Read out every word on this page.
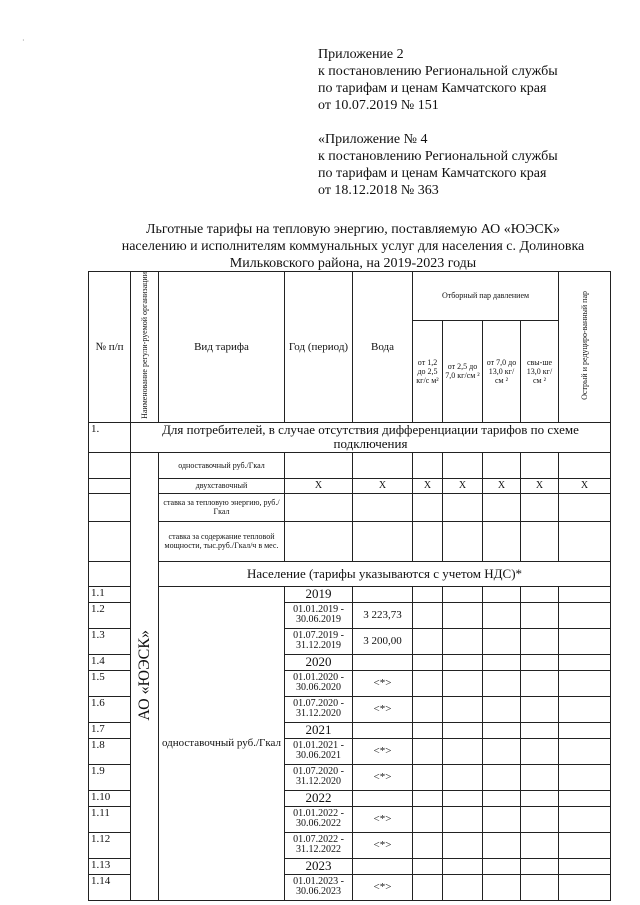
·
Приложение 2
к постановлению Региональной службы
по тарифам и ценам Камчатского края
от 10.07.2019 № 151
«Приложение № 4
к постановлению Региональной службы
по тарифам и ценам Камчатского края
от 18.12.2018 № 363
Льготные тарифы на тепловую энергию, поставляемую АО «ЮЭСК»
населению и исполнителям коммунальных услуг для населения с. Долиновка
Мильковского района, на 2019-2023 годы
№ п/п	Наименование регули-руемой организации	Вид тарифа	Год (период)	Вода	Отборный пар давлением				Острый и редуциро-ванный пар
					от 1,2 до 2,5 кг/с м²	от 2,5 до 7,0 кг/см ²	от 7,0 до 13,0 кг/см ²	свы-ше 13,0 кг/см ²	
1.	Для потребителей, в случае отсутствия дифференциации тарифов по схеме подключения								
	АО «ЮЭСК»	одноставочный руб./Гкал							
		двухставочный	X	X	X	X	X	X	X
		ставка за тепловую энергию, руб./Гкал							
		ставка за содержание тепловой мощности, тыс.руб./Гкал/ч в мес.							
		Население (тарифы указываются с учетом НДС)*							
1.1		одноставочный руб./Гкал	2019						
1.2			01.01.2019 - 30.06.2019	3 223,73					
1.3			01.07.2019 - 31.12.2019	3 200,00					
1.4			2020						
1.5			01.01.2020 - 30.06.2020	<*>					
1.6			01.07.2020 - 31.12.2020	<*>					
1.7			2021						
1.8			01.01.2021 - 30.06.2021	<*>					
1.9			01.07.2020 - 31.12.2020	<*>					
1.10			2022						
1.11			01.01.2022 - 30.06.2022	<*>					
1.12			01.07.2022 - 31.12.2022	<*>					
1.13			2023						
1.14			01.01.2023 - 30.06.2023	<*>					
